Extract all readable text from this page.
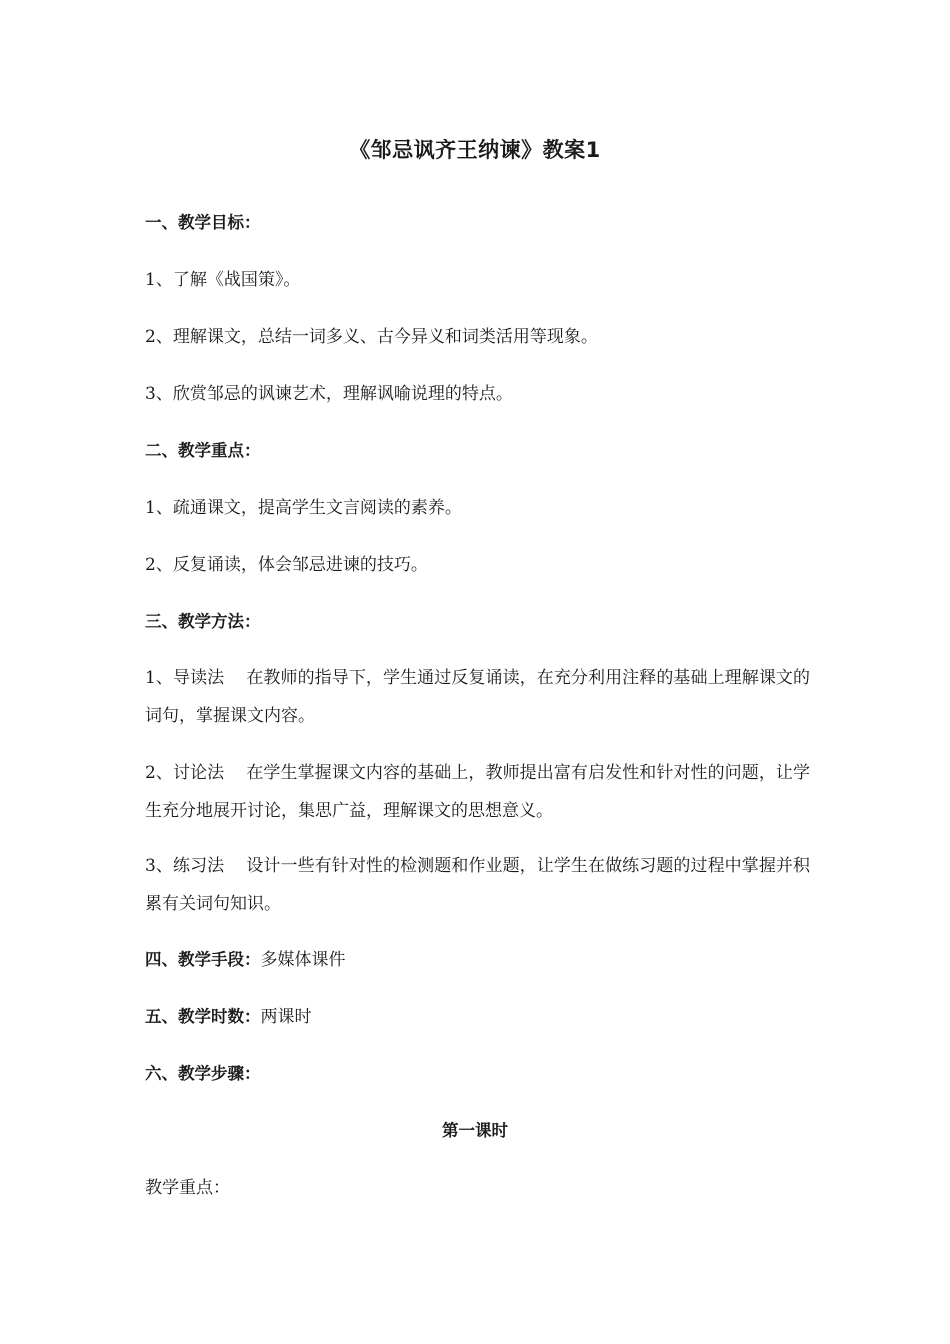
《邹忌讽齐王纳谏》教案1
一、教学目标：
1、了解《战国策》。
2、理解课文，总结一词多义、古今异义和词类活用等现象。
3、欣赏邹忌的讽谏艺术，理解讽喻说理的特点。
二、教学重点：
1、疏通课文，提高学生文言阅读的素养。
2、反复诵读，体会邹忌进谏的技巧。
三、教学方法：
1、导读法 在教师的指导下，学生通过反复诵读，在充分利用注释的基础上理解课文的词句，掌握课文内容。
2、讨论法 在学生掌握课文内容的基础上，教师提出富有启发性和针对性的问题，让学生充分地展开讨论，集思广益，理解课文的思想意义。
3、练习法 设计一些有针对性的检测题和作业题，让学生在做练习题的过程中掌握并积累有关词句知识。
四、教学手段：多媒体课件
五、教学时数：两课时
六、教学步骤：
第一课时
教学重点：
